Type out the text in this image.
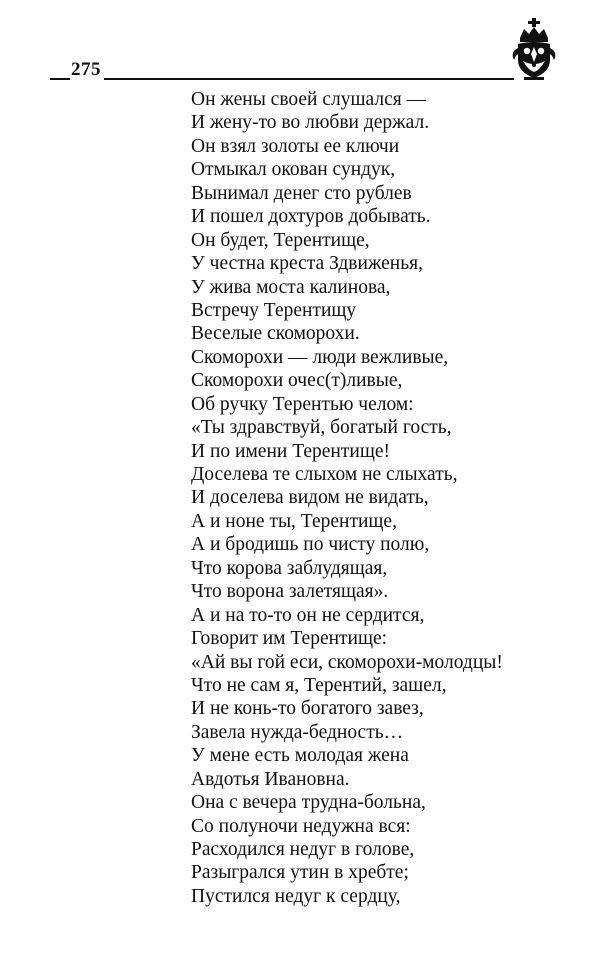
275
Он жены своей слушался —
И жену-то во любви держал.
Он взял золоты ее ключи
Отмыкал окован сундук,
Вынимал денег сто рублев
И пошел дохтуров добывать.
Он будет, Терентище,
У честна креста Здвиженья,
У жива моста калинова,
Встречу Терентищу
Веселые скоморохи.
Скоморохи — люди вежливые,
Скоморохи очес(т)ливые,
Об ручку Терентью челом:
«Ты здравствуй, богатый гость,
И по имени Терентище!
Доселева те слыхом не слыхать,
И доселева видом не видать,
А и ноне ты, Терентище,
А и бродишь по чисту полю,
Что корова заблудящая,
Что ворона залетящая».
А и на то-то он не сердится,
Говорит им Терентище:
«Ай вы гой еси, скоморохи-молодцы!
Что не сам я, Терентий, зашел,
И не конь-то богатого завез,
Завела нужда-бедность…
У мене есть молодая жена
Авдотья Ивановна.
Она с вечера трудна-больна,
Со полуночи недужна вся:
Расходился недуг в голове,
Разыгрался утин в хребте;
Пустился недуг к сердцу,
